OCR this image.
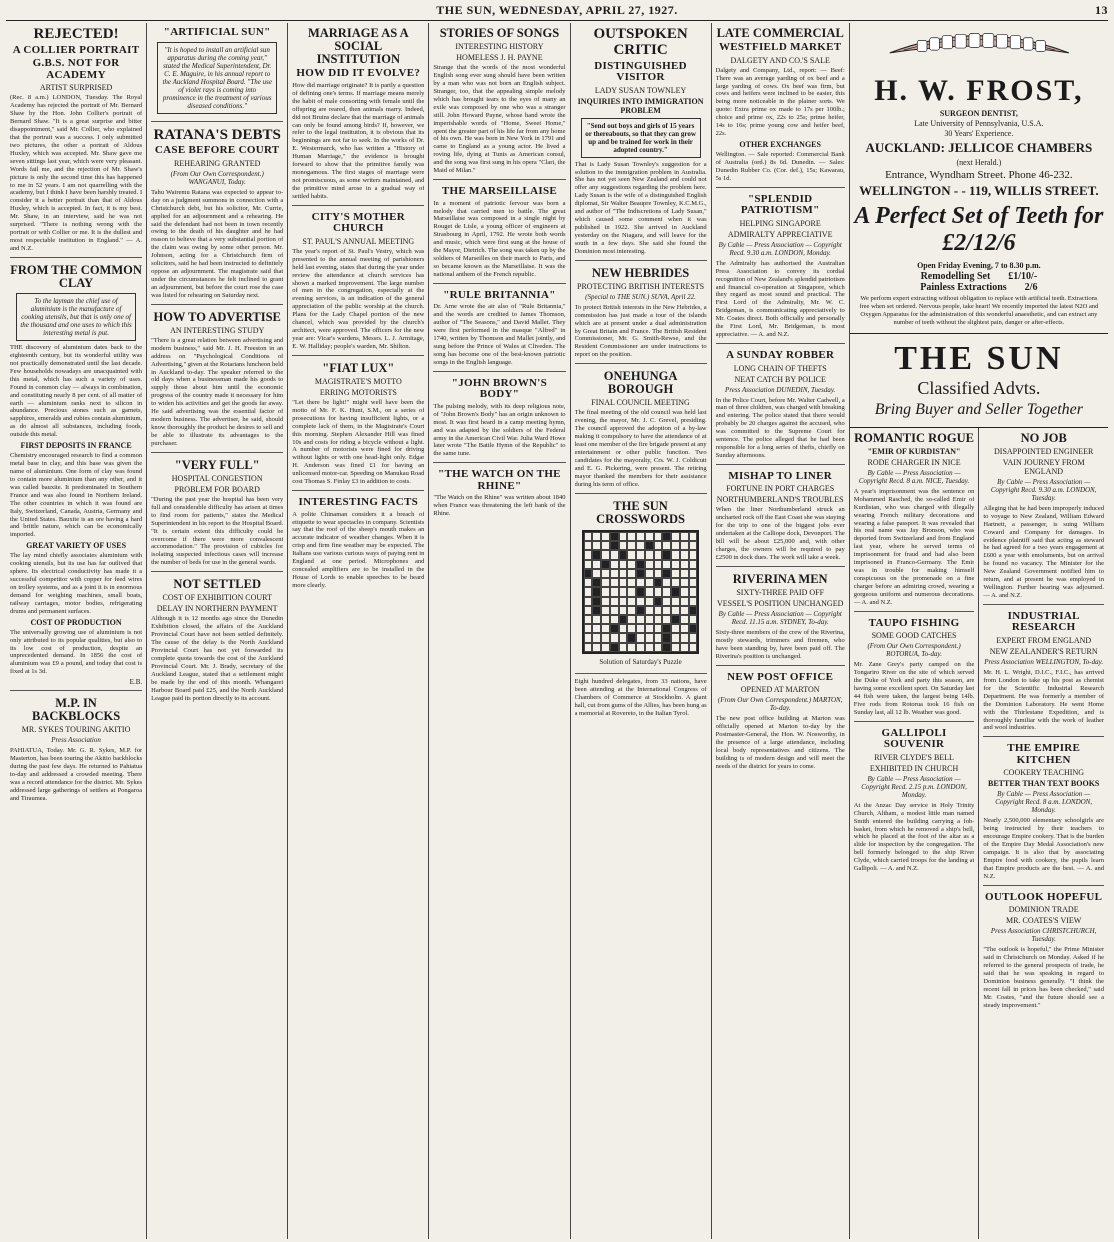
THE SUN, WEDNESDAY, APRIL 27, 1927.	13
REJECTED!
A COLLIER PORTRAIT
G.B.S. NOT FOR ACADEMY
ARTIST SURPRISED
(Rec. 8 a.m.) LONDON, Tuesday. The Royal Academy has rejected the portrait of Mr. Bernard Shaw by the Hon. John Collier's portrait of Bernard Shaw. "It is a great surprise and bitter disappointment," said Mr. Collier, who explained that the portrait was a success. I only submitted two pictures, the other a portrait of Aldous Huxley, which was accepted. Mr. Shaw gave me seven sittings last year, which were very pleasant. Words fail me, and the rejection of Mr. Shaw's picture is only the second time this has happened to me in 52 years. I am not quarrelling with the academy, but I think I have been harshly treated. I consider it a better portrait than that of Aldous Huxley, which is accepted. In fact, it is my best. Mr. Shaw, in an interview, said he was not surprised. "There is nothing wrong with the portrait or with Collier or me. It is the dullest and most respectable institution in England." — A. and N.Z.
FROM THE COMMON CLAY
To the layman the chief use of aluminium is the manufacture of cooking utensils, but that is only one of the thousand and one uses to which this interesting metal is put.
THE discovery of aluminium dates back to the eighteenth century, but its wonderful utility was not practically demonstrated until the last decade. Few households nowadays are unacquainted with this metal, which has such a variety of uses. Found in common clay — always in combination, and constituting nearly 8 per cent. of all matter of earth — aluminium ranks next to silicon in abundance. Precious stones such as garnets, sapphires, emeralds and rubies contain aluminium, as do almost all substances, including foods, outside this metal.
FIRST DEPOSITS IN FRANCE
Chemistry encouraged research to find a common metal base in clay, and this base was given the name of aluminium. One form of clay was found to contain more aluminium than any other, and it was called bauxite. It predominated in Southern France and was also found in Northern Ireland. The other countries in which it was found are Italy, Switzerland, Canada, Austria, Germany and the United States. Bauxite is an ore having a hard and brittle nature, which can be economically imported.
GREAT VARIETY OF USES
The lay mind chiefly associates aluminium with cooking utensils, but its use has far outlived that sphere. Its electrical conductivity has made it a successful competitor with copper for feed wires on trolley systems, and as a joint it is in enormous demand for weighing machines, small boats, railway carriages, motor bodies, refrigerating drums and permanent surfaces.
COST OF PRODUCTION
The universally growing use of aluminium is not only attributed to its popular qualities, but also to its low cost of production, despite an unprecedented demand. In 1856 the cost of aluminium was £9 a pound, and today that cost is fixed at 1s 3d.
E.B.
M.P. IN BACKBLOCKS
MR. SYKES TOURING AKITIO
Press Association
PAHIATUA, Today. Mr. G. R. Sykes, M.P. for Masterton, has been touring the Akitio backblocks during the past few days. He returned to Pahiatua to-day and addressed a crowded meeting. There was a record attendance for the district. Mr. Sykes addressed large gatherings of settlers at Pongaroa and Tiraumea.
"ARTIFICIAL SUN"
"It is hoped to install an artificial sun apparatus during the coming year," stated the Medical Superintendent, Dr. C. E. Maguire, in his annual report to the Auckland Hospital Board. "The use of violet rays is coming into prominence in the treatment of various diseased conditions."
RATANA'S DEBTS
CASE BEFORE COURT
REHEARING GRANTED
(From Our Own Correspondent.) WANGANUI, Today.
Tahu Wairemu Ratana was expected to appear to-day on a judgment summons in connection with a Christchurch debt, but his solicitor, Mr. Currie, applied for an adjournment and a rehearing. He said the defendant had not been in town recently owing to the death of his daughter and he had reason to believe that a very substantial portion of the claim was owing by some other person. Mr. Johnson, acting for a Christchurch firm of solicitors, said he had been instructed to definitely oppose an adjournment. The magistrate said that under the circumstances he felt inclined to grant an adjournment, but before the court rose the case was listed for rehearing on Saturday next.
HOW TO ADVERTISE
AN INTERESTING STUDY
"There is a great relation between advertising and modern business," said Mr. J. H. Freeston in an address on "Psychological Conditions of Advertising," given at the Rotarians luncheon held in Auckland to-day. The speaker referred to the old days when a businessman made his goods to supply those about him until the economic progress of the country made it necessary for him to widen his activities and get the goods far away. He said advertising was the essential factor of modern business. The advertiser, he said, should know thoroughly the product he desires to sell and be able to illustrate its advantages to the purchaser.
"VERY FULL"
HOSPITAL CONGESTION
PROBLEM FOR BOARD
"During the past year the hospital has been very full and considerable difficulty has arisen at times to find room for patients," states the Medical Superintendent in his report to the Hospital Board. "It is certain extent this difficulty could be overcome if there were more convalescent accommodation." The provision of cubicles for isolating suspected infectious cases will increase the number of beds for use in the general wards.
NOT SETTLED
COST OF EXHIBITION COURT
DELAY IN NORTHERN PAYMENT
Although it is 12 months ago since the Dunedin Exhibition closed, the affairs of the Auckland Provincial Court have not been settled definitely. The cause of the delay is the North Auckland Provincial Court has not yet forwarded its complete quota towards the cost of the Auckland Provincial Court. Mr. J. Brady, secretary of the Auckland League, stated that a settlement might be made by the end of this month. Whangarei Harbour Board paid £25, and the North Auckland League paid its portion directly to its account.
MARRIAGE AS A SOCIAL INSTITUTION
HOW DID IT EVOLVE?
How did marriage originate? It is partly a question of defining one's terms. If marriage means merely the habit of male consorting with female until the offspring are reared, then animals marry. Indeed, did not Bruins declare that the marriage of animals can only be found among birds? If, however, we refer to the legal institution, it is obvious that its beginnings are not far to seek. In the works of Dr. E. Westermarck, who has written a "History of Human Marriage," the evidence is brought forward to show that the primitive family was monogamous. The first stages of marriage were not promiscuous, as some writers maintained, and the primitive mind arose in a gradual way of settled habits.
CITY'S MOTHER CHURCH
ST. PAUL'S ANNUAL MEETING
The year's report of St. Paul's Vestry, which was presented to the annual meeting of parishioners held last evening, states that during the year under review the attendance at church services has shown a marked improvement. The large number of men in the congregation, especially at the evening services, is an indication of the general appreciation of the public worship at the church. Plans for the Lady Chapel portion of the new chancel, which was provided by the church's architect, were approved. The officers for the new year are: Vicar's wardens, Messrs. L. J. Armitage, E. W. Halliday; people's warden, Mr. Shilton.
"FIAT LUX"
MAGISTRATE'S MOTTO
ERRING MOTORISTS
"Let there be light!" might well have been the motto of Mr. F. K. Hunt, S.M., on a series of prosecutions for having insufficient lights, or a complete lack of them, in the Magistrate's Court this morning. Stephen Alexander Hill was fined 10s and costs for riding a bicycle without a light. A number of motorists were fined for driving without lights or with one head-light only. Edgar H. Anderson was fined £1 for having an unlicensed motor-car. Speeding on Manukau Road cost Thomas S. Finlay £3 in addition to costs.
INTERESTING FACTS
A polite Chinaman considers it a breach of etiquette to wear spectacles in company. Scientists say that the roof of the sheep's mouth makes an accurate indicator of weather changes. When it is crisp and firm fine weather may be expected. The Italians use various curious ways of paying rent in England at one period. Microphones and concealed amplifiers are to be installed in the House of Lords to enable speeches to be heard more clearly.
STORIES OF SONGS
INTERESTING HISTORY
HOMELESS J. H. PAYNE
Strange that the words of the most wonderful English song ever sung should have been written by a man who was not born an English subject. Stranger, too, that the appealing simple melody which has brought tears to the eyes of many an exile was composed by one who was a stranger still. John Howard Payne, whose hand wrote the imperishable words of "Home, Sweet Home," spent the greater part of his life far from any home of his own. He was born in New York in 1791 and came to England as a young actor. He lived a roving life, dying at Tunis as American consul, and the song was first sung in his opera "Clari, the Maid of Milan."
THE MARSEILLAISE
In a moment of patriotic fervour was born a melody that carried men to battle. The great Marseillaise was composed in a single night by Rouget de Lisle, a young officer of engineers at Strasbourg in April, 1792. He wrote both words and music, which were first sung at the house of the Mayor, Dietrich. The song was taken up by the soldiers of Marseilles on their march to Paris, and so became known as the Marseillaise. It was the national anthem of the French republic.
"RULE BRITANNIA"
Dr. Arne wrote the air also of "Rule Britannia," and the words are credited to James Thomson, author of "The Seasons," and David Mallet. They were first performed in the masque "Alfred" in 1740, written by Thomson and Mallet jointly, and sung before the Prince of Wales at Cliveden. The song has become one of the best-known patriotic songs in the English language.
"JOHN BROWN'S BODY"
The pulsing melody, with its deep religious note, of "John Brown's Body" has an origin unknown to most. It was first heard in a camp meeting hymn, and was adapted by the soldiers of the Federal army in the American Civil War. Julia Ward Howe later wrote "The Battle Hymn of the Republic" to the same tune.
"THE WATCH ON THE RHINE"
"The Watch on the Rhine" was written about 1840 when France was threatening the left bank of the Rhine.
OUTSPOKEN CRITIC
DISTINGUISHED VISITOR
LADY SUSAN TOWNLEY
INQUIRIES INTO IMMIGRATION PROBLEM
"Send out boys and girls of 15 years or thereabouts, so that they can grow up and be trained for work in their adopted country."
That is Lady Susan Townley's suggestion for a solution to the immigration problem in Australia. She has not yet seen New Zealand and could not offer any suggestions regarding the problem here. Lady Susan is the wife of a distinguished English diplomat, Sir Walter Beaupre Townley, K.C.M.G., and author of "The Indiscretions of Lady Susan," which caused some comment when it was published in 1922. She arrived in Auckland yesterday on the Niagara, and will leave for the south in a few days. She said she found the Dominion most interesting.
NEW HEBRIDES
PROTECTING BRITISH INTERESTS
(Special to THE SUN.) SUVA, April 22.
To protect British interests in the New Hebrides, a commission has just made a tour of the islands which are at present under a dual administration by Great Britain and France. The British Resident Commissioner, Mr. G. Smith-Rewse, and the Resident Commissioner are under instructions to report on the position.
ONEHUNGA BOROUGH
FINAL COUNCIL MEETING
The final meeting of the old council was held last evening, the mayor, Mr. J. C. Grevel, presiding. The council approved the adoption of a by-law making it compulsory to have the attendance of at least one member of the fire brigade present at any entertainment or other public function. Two candidates for the mayoralty, Crs. W. J. Coldicutt and E. G. Pickering, were present. The retiring mayor thanked the members for their assistance during his term of office.
THE SUN CROSSWORDS
Solution of Saturday's Puzzle
Eight hundred delegates, from 33 nations, have been attending at the International Congress of Chambers of Commerce at Stockholm. A giant hall, cut from gums of the Allies, has been hung as a memorial at Rovereto, in the Italian Tyrol.
LATE COMMERCIAL
WESTFIELD MARKET
DALGETY AND CO.'S SALE
Dalgety and Company, Ltd., report: — Beef: There was an average yarding of ox beef and a large yarding of cows. Ox beef was firm, but cows and heifers were inclined to be easier, this being more noticeable in the plainer sorts. We quote: Extra prime ox made to 17s per 100lb.; choice and prime ox, 22s to 25s; prime heifer, 14s to 16s; prime young cow and heifer beef, 22s.
OTHER EXCHANGES
Wellington. — Sale reported: Commercial Bank of Australia (ord.) 8s 6d. Dunedin. — Sales: Dunedin Rubber Co. (Cor. def.), 15s; Kawarau, 5s 1d.
"SPLENDID PATRIOTISM"
HELPING SINGAPORE
ADMIRALTY APPRECIATIVE
By Cable — Press Association — Copyright Recd. 9.30 a.m. LONDON, Monday.
The Admiralty has authorised the Australian Press Association to convey its cordial recognition of New Zealand's splendid patriotism and financial co-operation at Singapore, which they regard as most sound and practical. The First Lord of the Admiralty, Mr. W. C. Bridgeman, is communicating appreciatively to Mr. Coates direct. Both officially and personally the First Lord, Mr. Bridgeman, is most appreciative. — A. and N.Z.
A SUNDAY ROBBER
LONG CHAIN OF THEFTS
NEAT CATCH BY POLICE
Press Association DUNEDIN, Tuesday.
In the Police Court, before Mr. Walter Cadwell, a man of three children, was charged with breaking and entering. The police stated that there would probably be 20 charges against the accused, who was committed to the Supreme Court for sentence. The police alleged that he had been responsible for a long series of thefts, chiefly on Sunday afternoons.
MISHAP TO LINER
FORTUNE IN PORT CHARGES
NORTHUMBERLAND'S TROUBLES
When the liner Northumberland struck an uncharted rock off the East Coast she was staying for the trip to one of the biggest jobs ever undertaken at the Calliope dock, Devonport. The bill will be about £25,000 and, with other charges, the owners will be required to pay £2500 in dock dues. The work will take a week.
RIVERINA MEN
SIXTY-THREE PAID OFF
VESSEL'S POSITION UNCHANGED
By Cable — Press Association — Copyright Recd. 11.15 a.m. SYDNEY, To-day.
Sixty-three members of the crew of the Riverina, mostly stewards, trimmers and firemen, who have been standing by, have been paid off. The Riverina's position is unchanged.
NEW POST OFFICE
OPENED AT MARTON
(From Our Own Correspondent.) MARTON, To-day.
The new post office building at Marton was officially opened at Marton to-day by the Postmaster-General, the Hon. W. Nosworthy, in the presence of a large attendance, including local body representatives and citizens. The building is of modern design and will meet the needs of the district for years to come.

H. W. FROST,

SURGEON DENTIST,

Late University of Pennsylvania, U.S.A.

30 Years' Experience.

AUCKLAND: JELLICOE CHAMBERS

(next Herald.)

Entrance, Wyndham Street. Phone 46-232.

WELLINGTON - - 119, WILLIS STREET.

A Perfect Set of Teeth for £2/12/6

Open Friday Evening, 7 to 8.30 p.m.

Remodelling Set £1/10/-
Painless Extractions 2/6
We perform expert extracting without obligation to replace with artificial teeth. Extractions free when set ordered. Nervous people, take heart! We recently imported the latest N2O and Oxygen Apparatus for the administration of this wonderful anaesthetic, and can extract any number of teeth without the slightest pain, danger or after-effects.

THE SUN

Classified Advts.

Bring Buyer and Seller Together

ROMANTIC ROGUE
"EMIR OF KURDISTAN"
RODE CHARGER IN NICE
By Cable — Press Association — Copyright Recd. 8 a.m. NICE, Tuesday.
A year's imprisonment was the sentence on Mohammed Rasched, the so-called Emir of Kurdistan, who was charged with illegally wearing French military decorations and wearing a false passport. It was revealed that his real name was Jay Bronson, who was deported from Switzerland and from England last year, where he served terms of imprisonment for fraud and had also been imprisoned in Franco-Germany. The Emir was in trouble for making himself conspicuous on the promenade on a fine charger before an admiring crowd, wearing a gorgeous uniform and numerous decorations. — A. and N.Z.
TAUPO FISHING
SOME GOOD CATCHES
(From Our Own Correspondent.) ROTORUA, To-day.
Mr. Zane Grey's party camped on the Tongariro River on the site of which served the Duke of York and party this season, are having some excellent sport. On Saturday last 44 fish were taken, the largest being 14lb. Five rods from Rotorua took 16 fish on Sunday last, all 12 lb. Weather was good.
GALLIPOLI SOUVENIR
RIVER CLYDE'S BELL
EXHIBITED IN CHURCH
By Cable — Press Association — Copyright Recd. 2.15 p.m. LONDON, Monday.
At the Anzac Day service in Holy Trinity Church, Altham, a modest little man named Smith entered the building carrying a fob-basket, from which he removed a ship's bell, which he placed at the foot of the altar as a slide for inspection by the congregation. The bell formerly belonged to the ship River Clyde, which carried troops for the landing at Gallipoli. — A. and N.Z.
NO JOB
DISAPPOINTED ENGINEER
VAIN JOURNEY FROM ENGLAND
By Cable — Press Association — Copyright Recd. 9.30 a.m. LONDON, Tuesday.
Alleging that he had been improperly induced to voyage to New Zealand, William Edward Hartnett, a passenger, is suing William Coward and Company for damages. In evidence plaintiff said that acting as steward he had agreed for a two years engagement at £600 a year with emoluments, but on arrival he found no vacancy. The Minister for the New Zealand Government notified him to return, and at present he was employed in Wellington. Further hearing was adjourned. — A. and N.Z.
INDUSTRIAL RESEARCH
EXPERT FROM ENGLAND
NEW ZEALANDER'S RETURN
Press Association WELLINGTON, To-day.
Mr. H. L. Wright, D.I.C., F.I.C., has arrived from London to take up his post as chemist for the Scientific Industrial Research Department. He was formerly a member of the Dominion Laboratory. He went Home with the Thirlestane Expedition, and is thoroughly familiar with the work of leather and wool industries.
THE EMPIRE KITCHEN
COOKERY TEACHING
BETTER THAN TEXT BOOKS
By Cable — Press Association — Copyright Recd. 8 a.m. LONDON, Monday.
Nearly 2,500,000 elementary schoolgirls are being instructed by their teachers to encourage Empire cookery. That is the burden of the Empire Day Medal Association's new campaign. It is also that by associating Empire food with cookery, the pupils learn that Empire products are the best. — A. and N.Z.
OUTLOOK HOPEFUL
DOMINION TRADE
MR. COATES'S VIEW
Press Association CHRISTCHURCH, Tuesday.
"The outlook is hopeful," the Prime Minister said in Christchurch on Monday. Asked if he referred to the general prospects of trade, he said that he was speaking in regard to Dominion business generally. "I think the recent fall in prices has been checked," said Mr. Coates, "and the future should see a steady improvement."
